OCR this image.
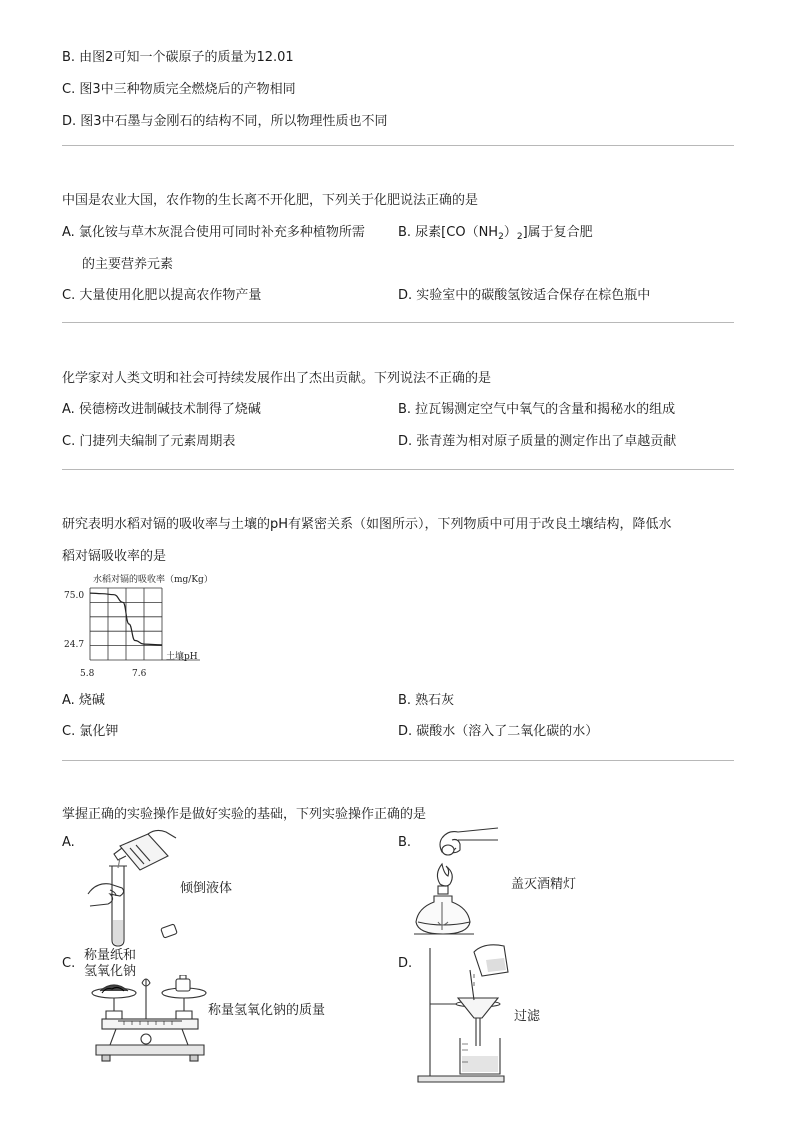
B. 由图2可知一个碳原子的质量为12.01
C. 图3中三种物质完全燃烧后的产物相同
D. 图3中石墨与金刚石的结构不同，所以物理性质也不同
中国是农业大国，农作物的生长离不开化肥，下列关于化肥说法正确的是
A. 氯化铵与草木灰混合使用可同时补充多种植物所需
的主要营养元素
B. 尿素$[CO(NH_2)_2]$属于复合肥
C. 大量使用化肥以提高农作物产量	D. 实验室中的碳酸氢铵适合保存在棕色瓶中
化学家对人类文明和社会可持续发展作出了杰出贡献。下列说法不正确的是
A. 侯德榜改进制碱技术制得了烧碱	B. 拉瓦锡测定空气中氧气的含量和揭秘水的组成
C. 门捷列夫编制了元素周期表	D. 张青莲为相对原子质量的测定作出了卓越贡献
研究表明水稻对镉的吸收率与土壤的pH有紧密关系（如图所示），下列物质中可用于改良土壤结构，降低水
稻对镉吸收率的是
水稻对镉的吸收率（mg/Kg）
75.0
24.7
5.8	7.6
土壤pH
A. 烧碱	B. 熟石灰
C. 氯化钾	D. 碳酸水（溶入了二氧化碳的水）
掌握正确的实验操作是做好实验的基础，下列实验操作正确的是
A.
倾倒液体
B.
盖灭酒精灯
C.
称量纸和
氢氧化钠
称量氢氧化钠的质量
D.
过滤
